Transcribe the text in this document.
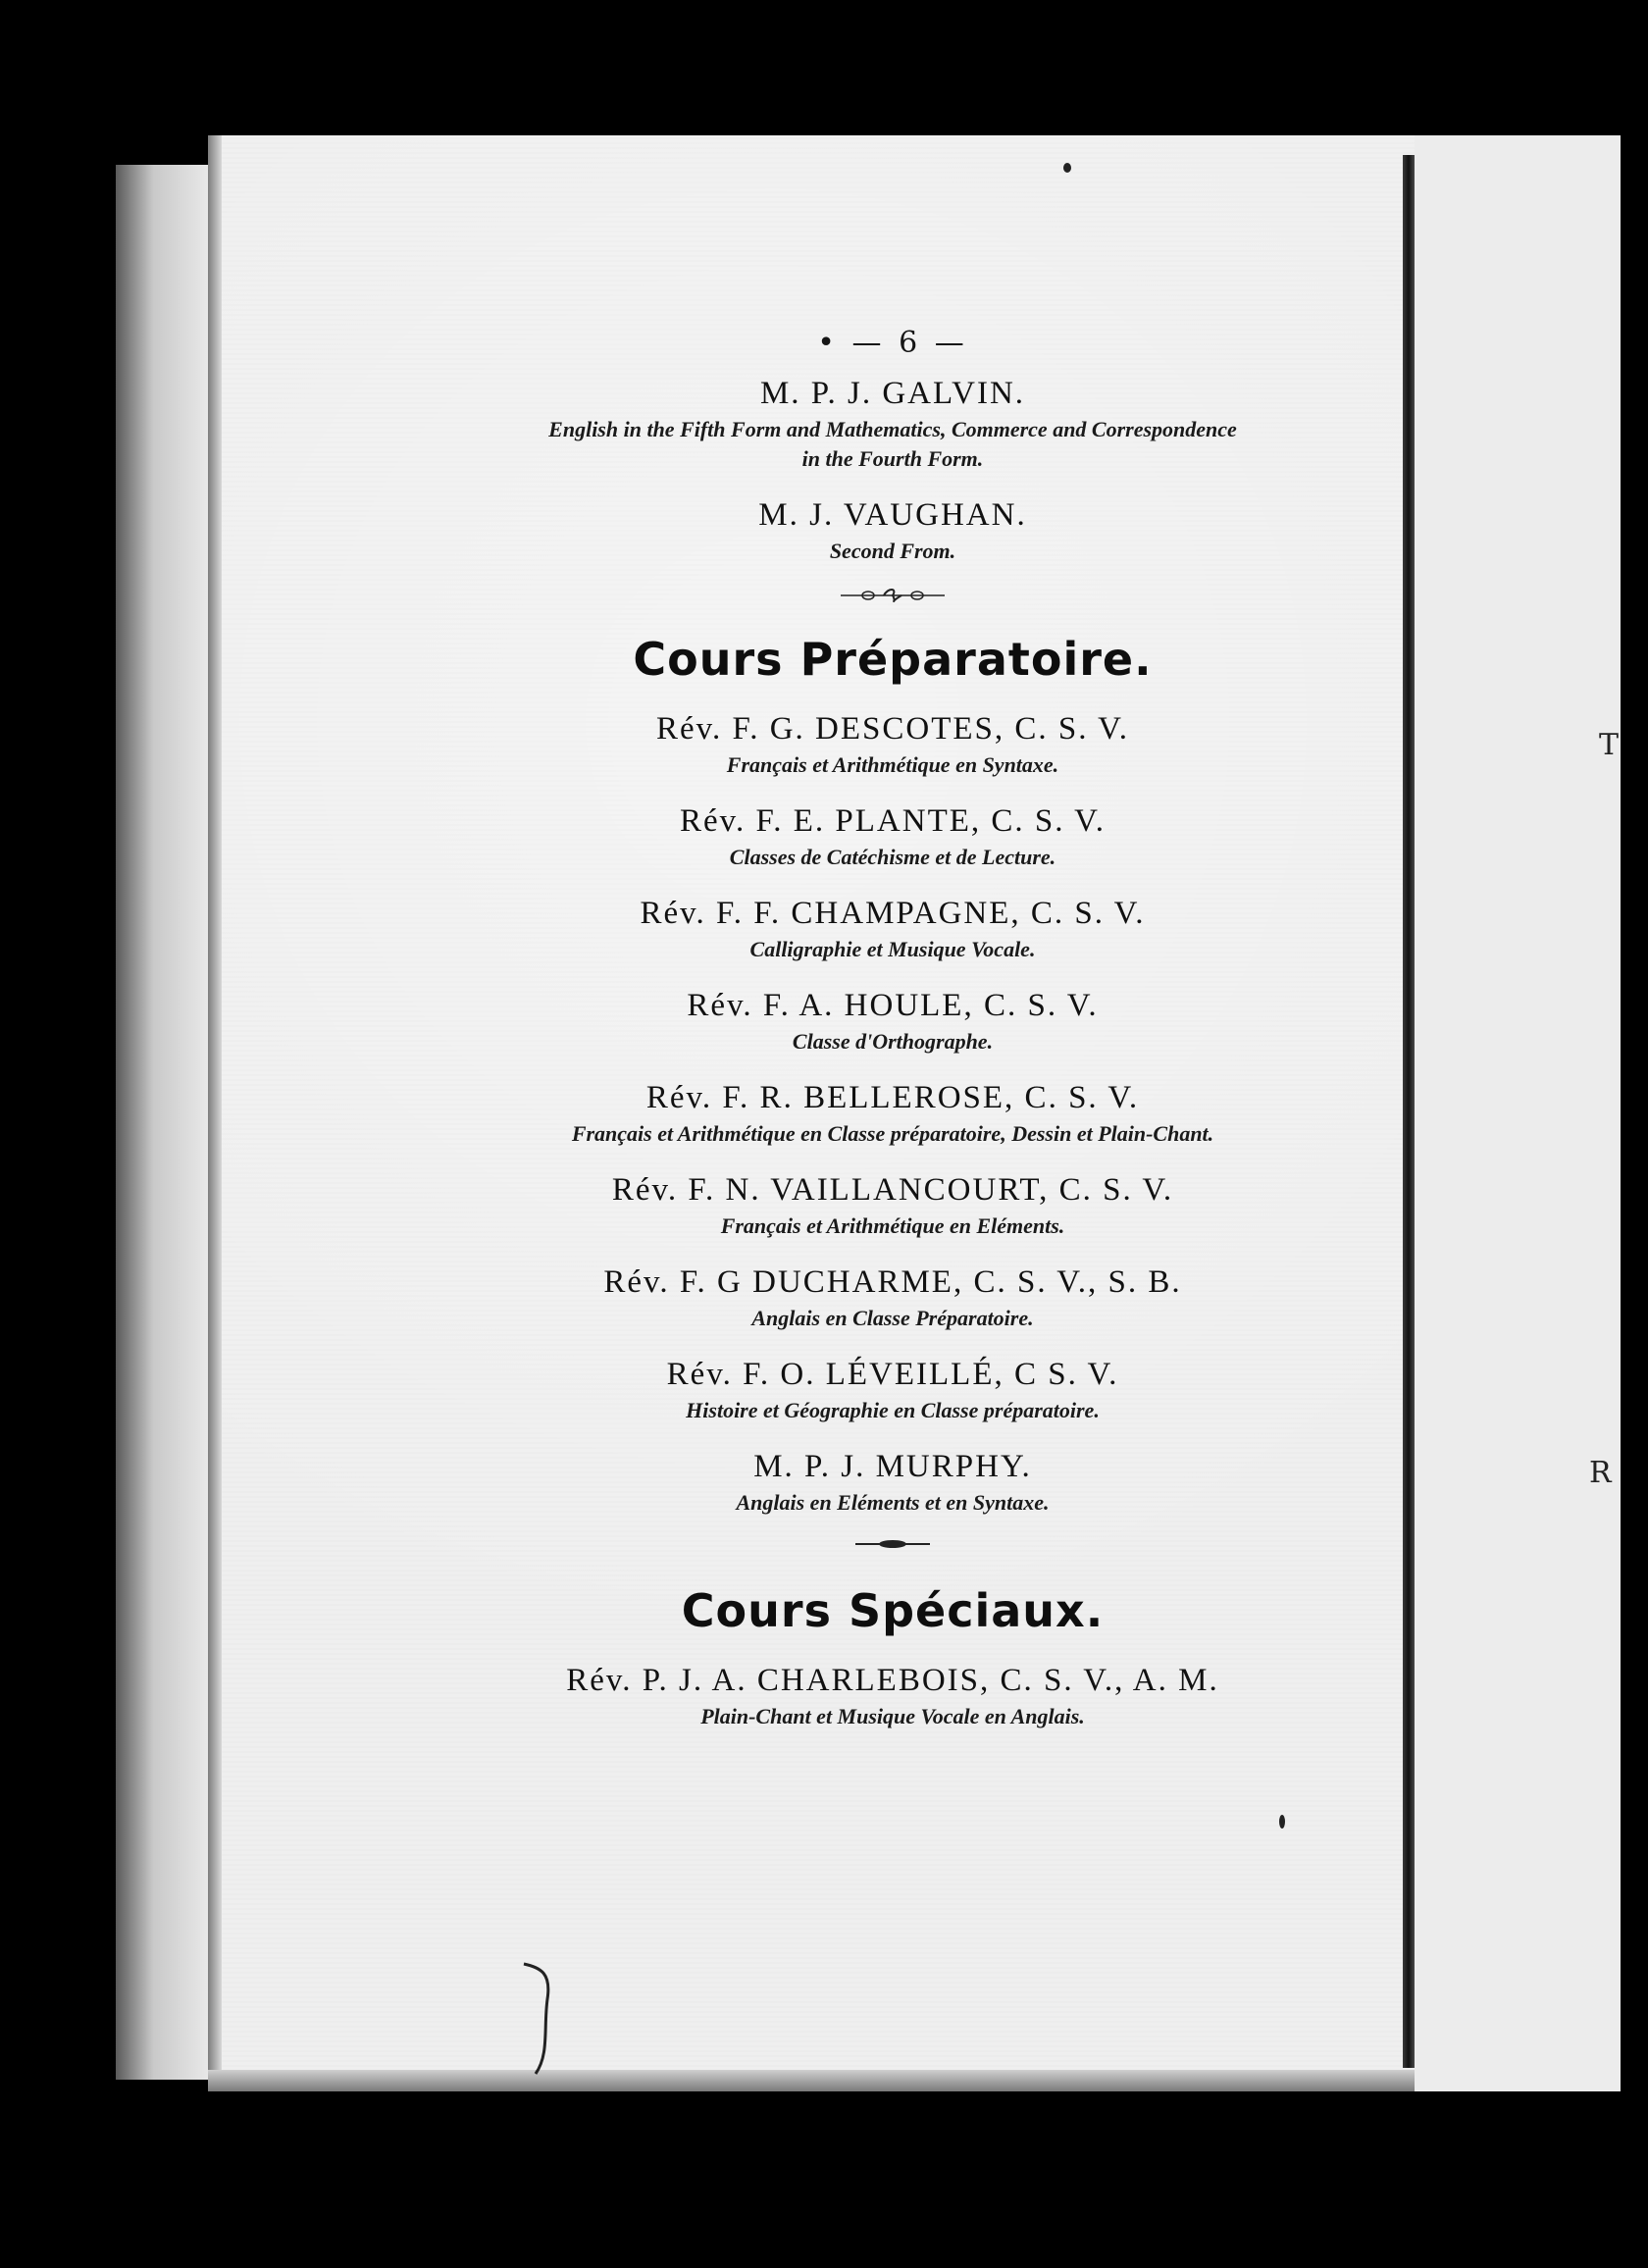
T
R
• — 6 —
M. P. J. GALVIN.
English in the Fifth Form and Mathematics, Commerce and Correspondence
in the Fourth Form.
M. J. VAUGHAN.
Second From.
Cours Préparatoire.
Rév. F. G. DESCOTES, C. S. V.
Français et Arithmétique en Syntaxe.
Rév. F. E. PLANTE, C. S. V.
Classes de Catéchisme et de Lecture.
Rév. F. F. CHAMPAGNE, C. S. V.
Calligraphie et Musique Vocale.
Rév. F. A. HOULE, C. S. V.
Classe d'Orthographe.
Rév. F. R. BELLEROSE, C. S. V.
Français et Arithmétique en Classe préparatoire, Dessin et Plain-Chant.
Rév. F. N. VAILLANCOURT, C. S. V.
Français et Arithmétique en Eléments.
Rév. F. G DUCHARME, C. S. V., S. B.
Anglais en Classe Préparatoire.
Rév. F. O. LÉVEILLÉ, C S. V.
Histoire et Géographie en Classe préparatoire.
M. P. J. MURPHY.
Anglais en Eléments et en Syntaxe.
Cours Spéciaux.
Rév. P. J. A. CHARLEBOIS, C. S. V., A. M.
Plain-Chant et Musique Vocale en Anglais.
